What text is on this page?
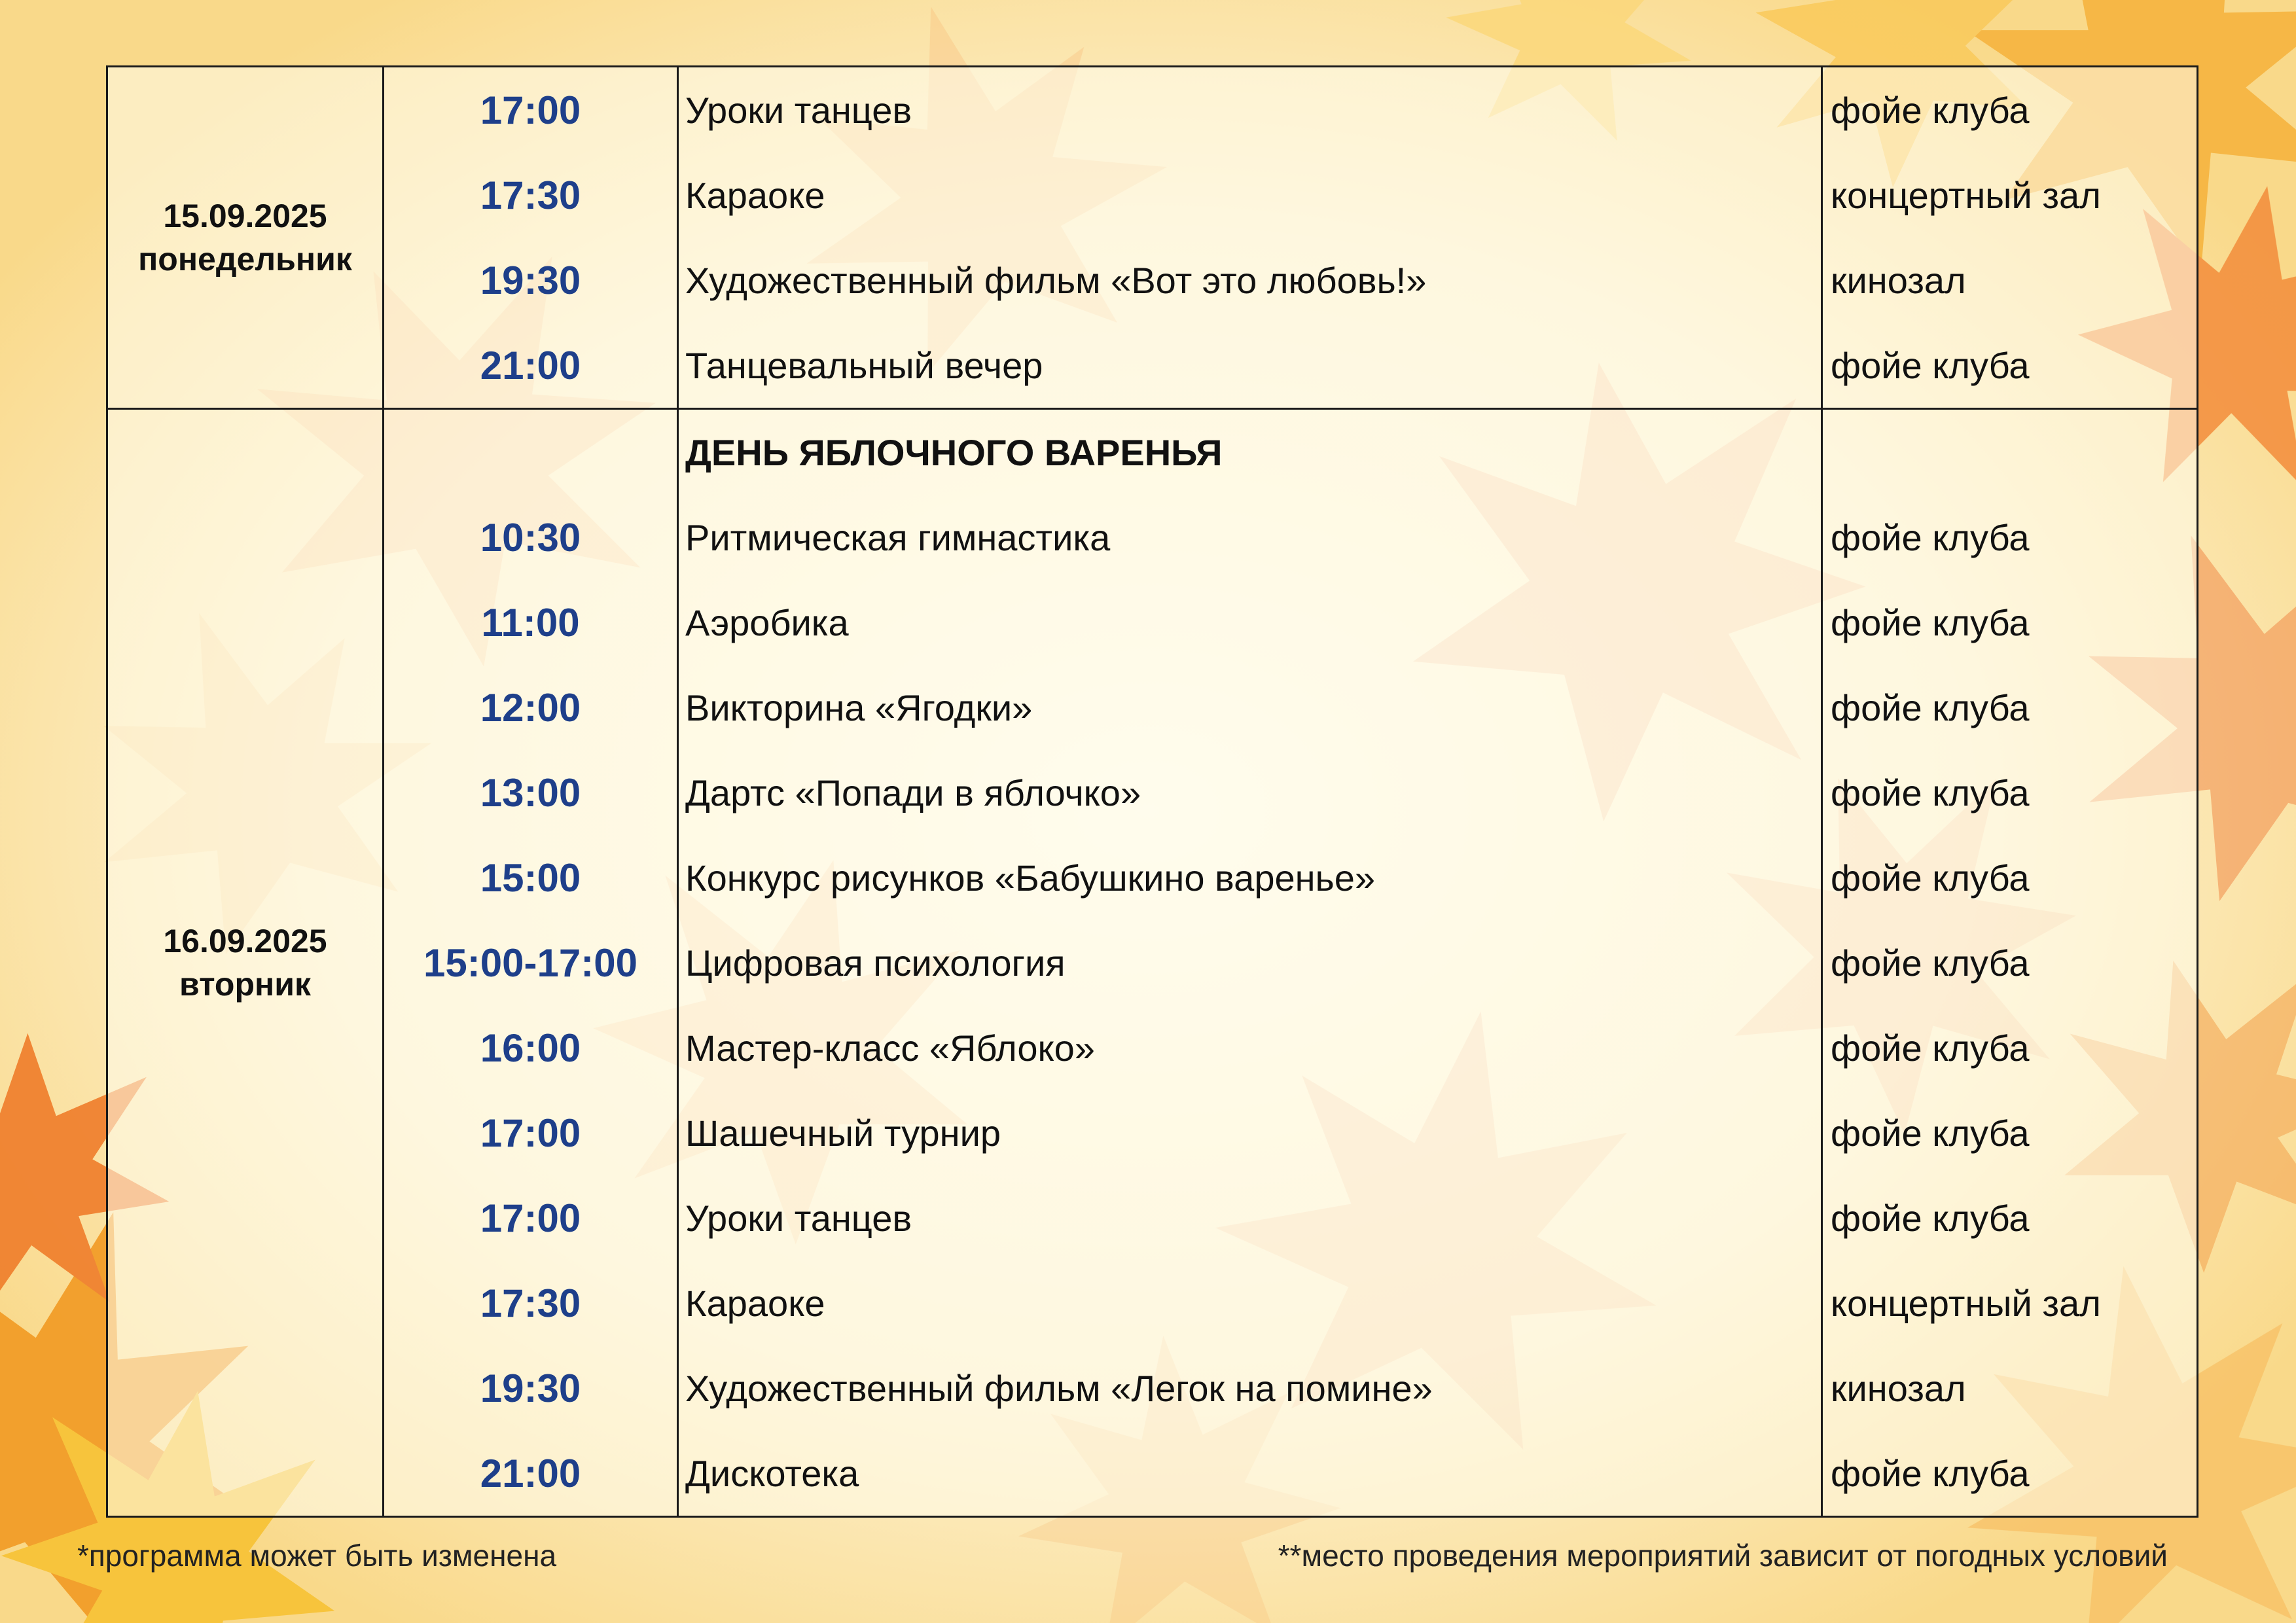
15.09.2025
понедельник	17:00	Уроки танцев	фойе клуба
	17:30	Караоке	концертный зал
	19:30	Художественный фильм «Вот это любовь!»	кинозал
	21:00	Танцевальный вечер	фойе клуба

16.09.2025
вторник		ДЕНЬ ЯБЛОЧНОГО ВАРЕНЬЯ	
	10:30	Ритмическая гимнастика	фойе клуба
	11:00	Аэробика	фойе клуба
	12:00	Викторина «Ягодки»	фойе клуба
	13:00	Дартс «Попади в яблочко»	фойе клуба
	15:00	Конкурс рисунков «Бабушкино варенье»	фойе клуба
	15:00-17:00	Цифровая психология	фойе клуба
	16:00	Мастер-класс «Яблоко»	фойе клуба
	17:00	Шашечный турнир	фойе клуба
	17:00	Уроки танцев	фойе клуба
	17:30	Караоке	концертный зал
	19:30	Художественный фильм «Легок на помине»	кинозал
	21:00	Дискотека	фойе клуба
*программа может быть изменена	**место проведения мероприятий зависит от погодных условий
